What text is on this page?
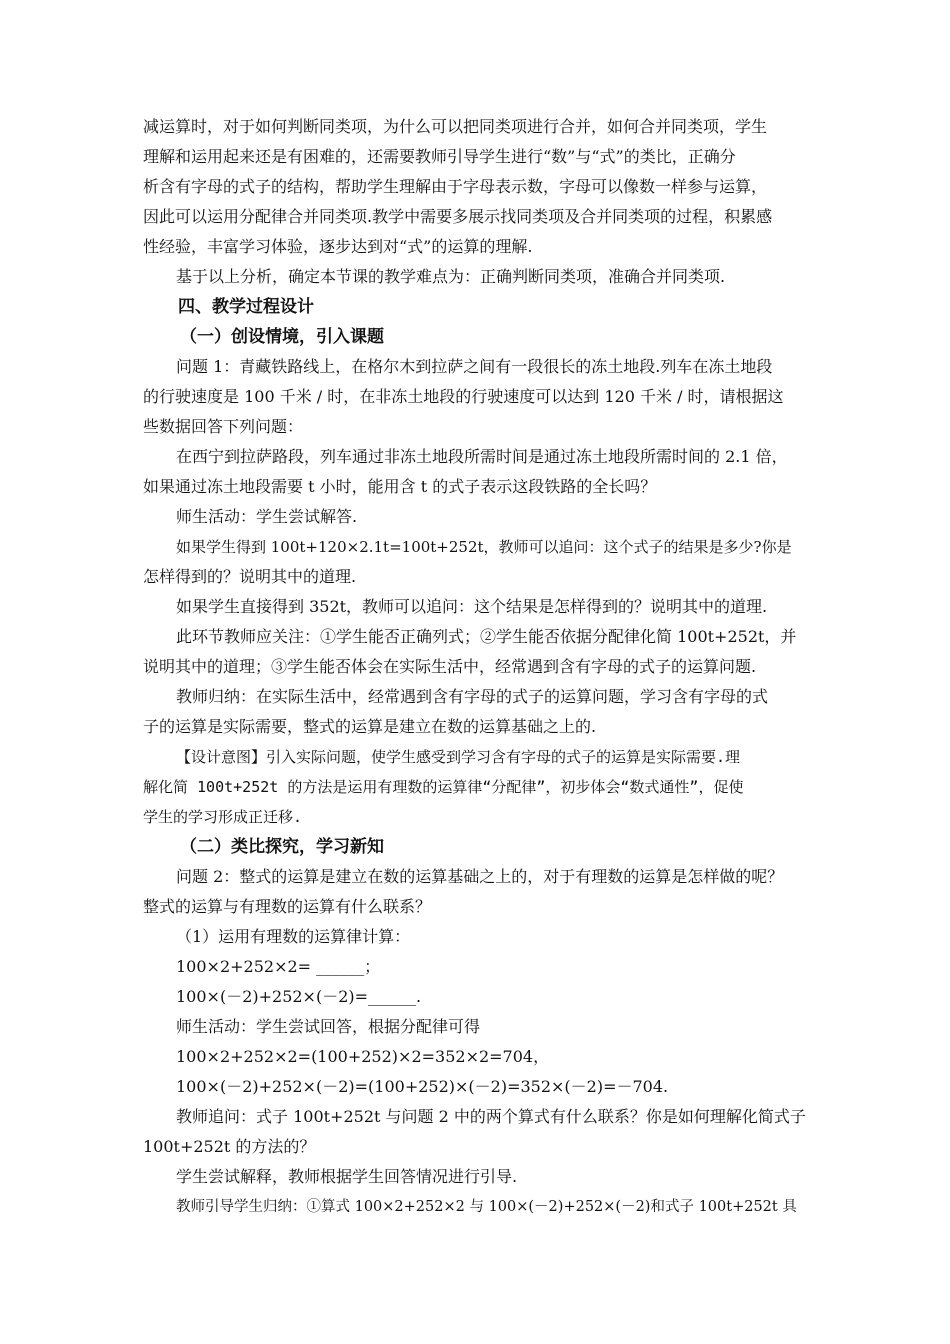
减运算时，对于如何判断同类项，为什么可以把同类项进行合并，如何合并同类项，学生
理解和运用起来还是有困难的，还需要教师引导学生进行“数”与“式”的类比，正确分
析含有字母的式子的结构，帮助学生理解由于字母表示数，字母可以像数一样参与运算，
因此可以运用分配律合并同类项.教学中需要多展示找同类项及合并同类项的过程，积累感
性经验，丰富学习体验，逐步达到对“式”的运算的理解.
基于以上分析，确定本节课的教学难点为：正确判断同类项，准确合并同类项.
四、教学过程设计
（一）创设情境，引入课题
问题 1：青藏铁路线上，在格尔木到拉萨之间有一段很长的冻土地段.列车在冻土地段
的行驶速度是 100 千米 / 时，在非冻土地段的行驶速度可以达到 120 千米 / 时，请根据这
些数据回答下列问题：
在西宁到拉萨路段，列车通过非冻土地段所需时间是通过冻土地段所需时间的 2.1 倍，
如果通过冻土地段需要 t 小时，能用含 t 的式子表示这段铁路的全长吗？
师生活动：学生尝试解答.
如果学生得到 100t+120×2.1t=100t+252t，教师可以追问：这个式子的结果是多少?你是
怎样得到的？说明其中的道理.
如果学生直接得到 352t，教师可以追问：这个结果是怎样得到的？说明其中的道理.
此环节教师应关注：①学生能否正确列式；②学生能否依据分配律化简 100t+252t，并
说明其中的道理；③学生能否体会在实际生活中，经常遇到含有字母的式子的运算问题.
教师归纳：在实际生活中，经常遇到含有字母的式子的运算问题，学习含有字母的式
子的运算是实际需要，整式的运算是建立在数的运算基础之上的.
【设计意图】引入实际问题，使学生感受到学习含有字母的式子的运算是实际需要.理
解化简 100t+252t 的方法是运用有理数的运算律“分配律”，初步体会“数式通性”，促使
学生的学习形成正迁移.
（二）类比探究，学习新知
问题 2：整式的运算是建立在数的运算基础之上的，对于有理数的运算是怎样做的呢？
整式的运算与有理数的运算有什么联系？
（1）运用有理数的运算律计算：
100×2+252×2= ______；
100×(－2)+252×(－2)=______.
师生活动：学生尝试回答，根据分配律可得
100×2+252×2=(100+252)×2=352×2=704，
100×(－2)+252×(－2)=(100+252)×(－2)=352×(－2)=－704.
教师追问：式子 100t+252t 与问题 2 中的两个算式有什么联系？你是如何理解化简式子
100t+252t 的方法的？
学生尝试解释，教师根据学生回答情况进行引导.
教师引导学生归纳：①算式 100×2+252×2 与 100×(－2)+252×(－2)和式子 100t+252t 具
